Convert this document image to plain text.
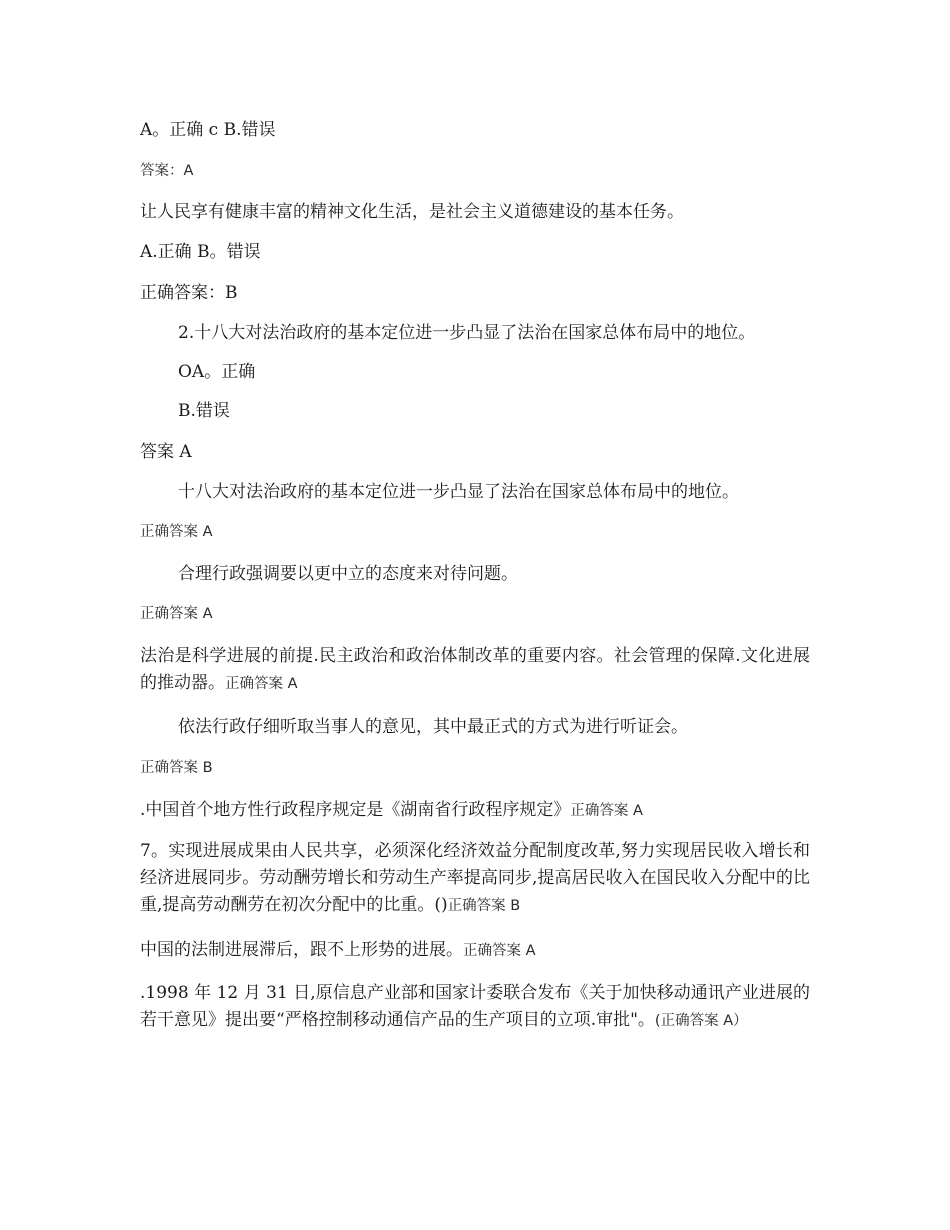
A。正确 c B.错误
答案：A
让人民享有健康丰富的精神文化生活，是社会主义道德建设的基本任务。
A.正确 B。错误
正确答案：B
2.十八大对法治政府的基本定位进一步凸显了法治在国家总体布局中的地位。
OA。正确
B.错误
答案 A
十八大对法治政府的基本定位进一步凸显了法治在国家总体布局中的地位。
正确答案 A
合理行政强调要以更中立的态度来对待问题。
正确答案 A
法治是科学进展的前提.民主政治和政治体制改革的重要内容。社会管理的保障.文化进展的推动器。正确答案 A
依法行政仔细听取当事人的意见，其中最正式的方式为进行听证会。
正确答案 B
.中国首个地方性行政程序规定是《湖南省行政程序规定》正确答案 A
7。实现进展成果由人民共享，必须深化经济效益分配制度改革,努力实现居民收入增长和经济进展同步。劳动酬劳增长和劳动生产率提高同步,提高居民收入在国民收入分配中的比重,提高劳动酬劳在初次分配中的比重。()正确答案 B
中国的法制进展滞后，跟不上形势的进展。正确答案 A
.1998 年 12 月 31 日,原信息产业部和国家计委联合发布《关于加快移动通讯产业进展的若干意见》提出要“严格控制移动通信产品的生产项目的立项.审批"。(正确答案 A）
